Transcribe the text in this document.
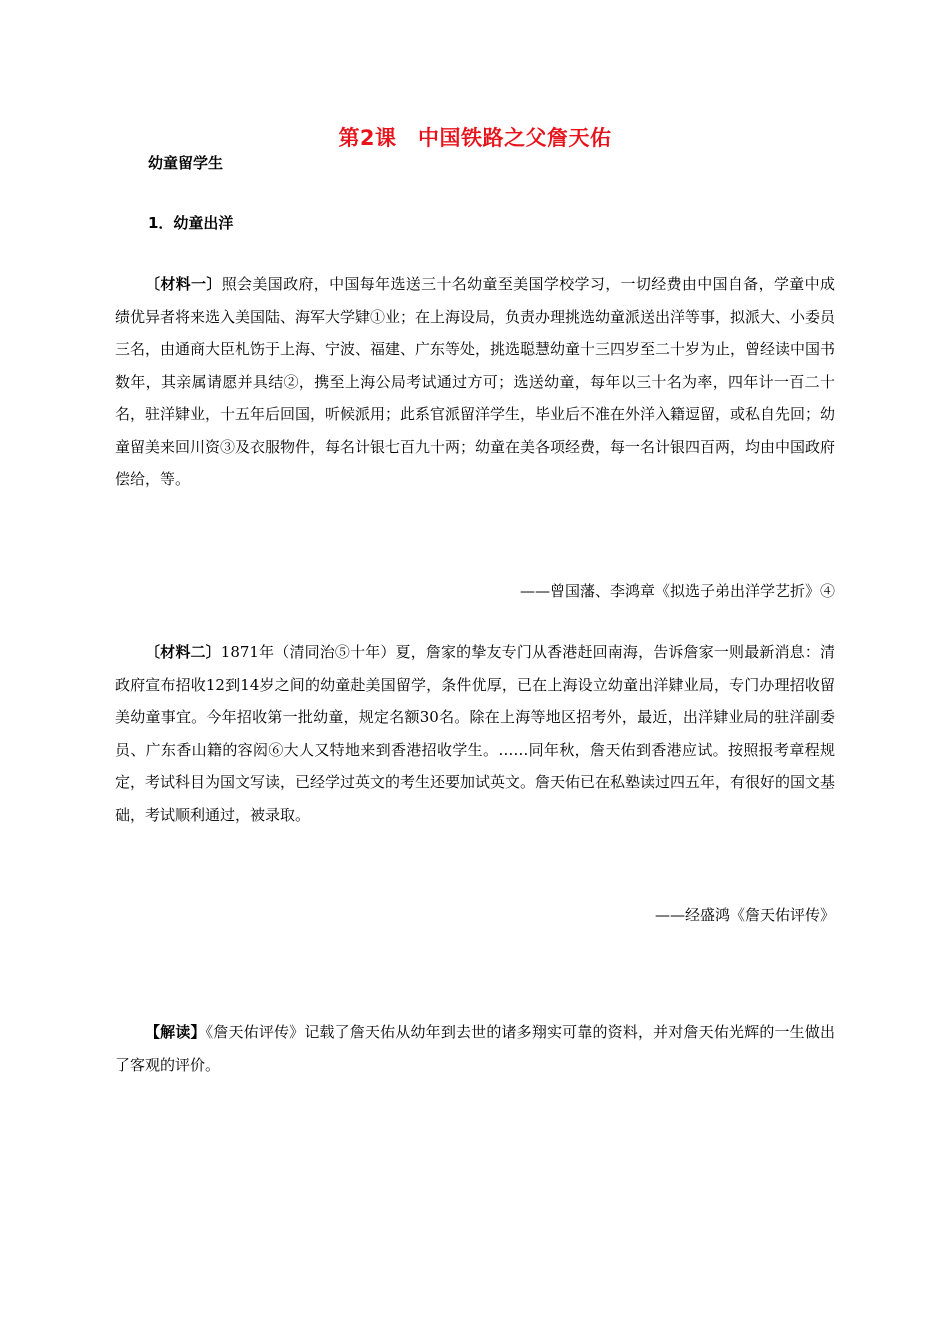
第2课　中国铁路之父詹天佑
幼童留学生
1．幼童出洋
〔材料一〕照会美国政府，中国每年选送三十名幼童至美国学校学习，一切经费由中国自备，学童中成绩优异者将来选入美国陆、海军大学肄①业；在上海设局，负责办理挑选幼童派送出洋等事，拟派大、小委员三名，由通商大臣札饬于上海、宁波、福建、广东等处，挑选聪慧幼童十三四岁至二十岁为止，曾经读中国书数年，其亲属请愿并具结②，携至上海公局考试通过方可；选送幼童，每年以三十名为率，四年计一百二十名，驻洋肄业，十五年后回国，听候派用；此系官派留洋学生，毕业后不准在外洋入籍逗留，或私自先回；幼童留美来回川资③及衣服物件，每名计银七百九十两；幼童在美各项经费，每一名计银四百两，均由中国政府偿给，等。
——曾国藩、李鸿章《拟选子弟出洋学艺折》④
〔材料二〕1871年（清同治⑤十年）夏，詹家的挚友专门从香港赶回南海，告诉詹家一则最新消息：清政府宣布招收12到14岁之间的幼童赴美国留学，条件优厚，已在上海设立幼童出洋肄业局，专门办理招收留美幼童事宜。今年招收第一批幼童，规定名额30名。除在上海等地区招考外，最近，出洋肄业局的驻洋副委员、广东香山籍的容闳⑥大人又特地来到香港招收学生。……同年秋，詹天佑到香港应试。按照报考章程规定，考试科目为国文写读，已经学过英文的考生还要加试英文。詹天佑已在私塾读过四五年，有很好的国文基础，考试顺利通过，被录取。
——经盛鸿《詹天佑评传》
【解读】《詹天佑评传》记载了詹天佑从幼年到去世的诸多翔实可靠的资料，并对詹天佑光辉的一生做出了客观的评价。
